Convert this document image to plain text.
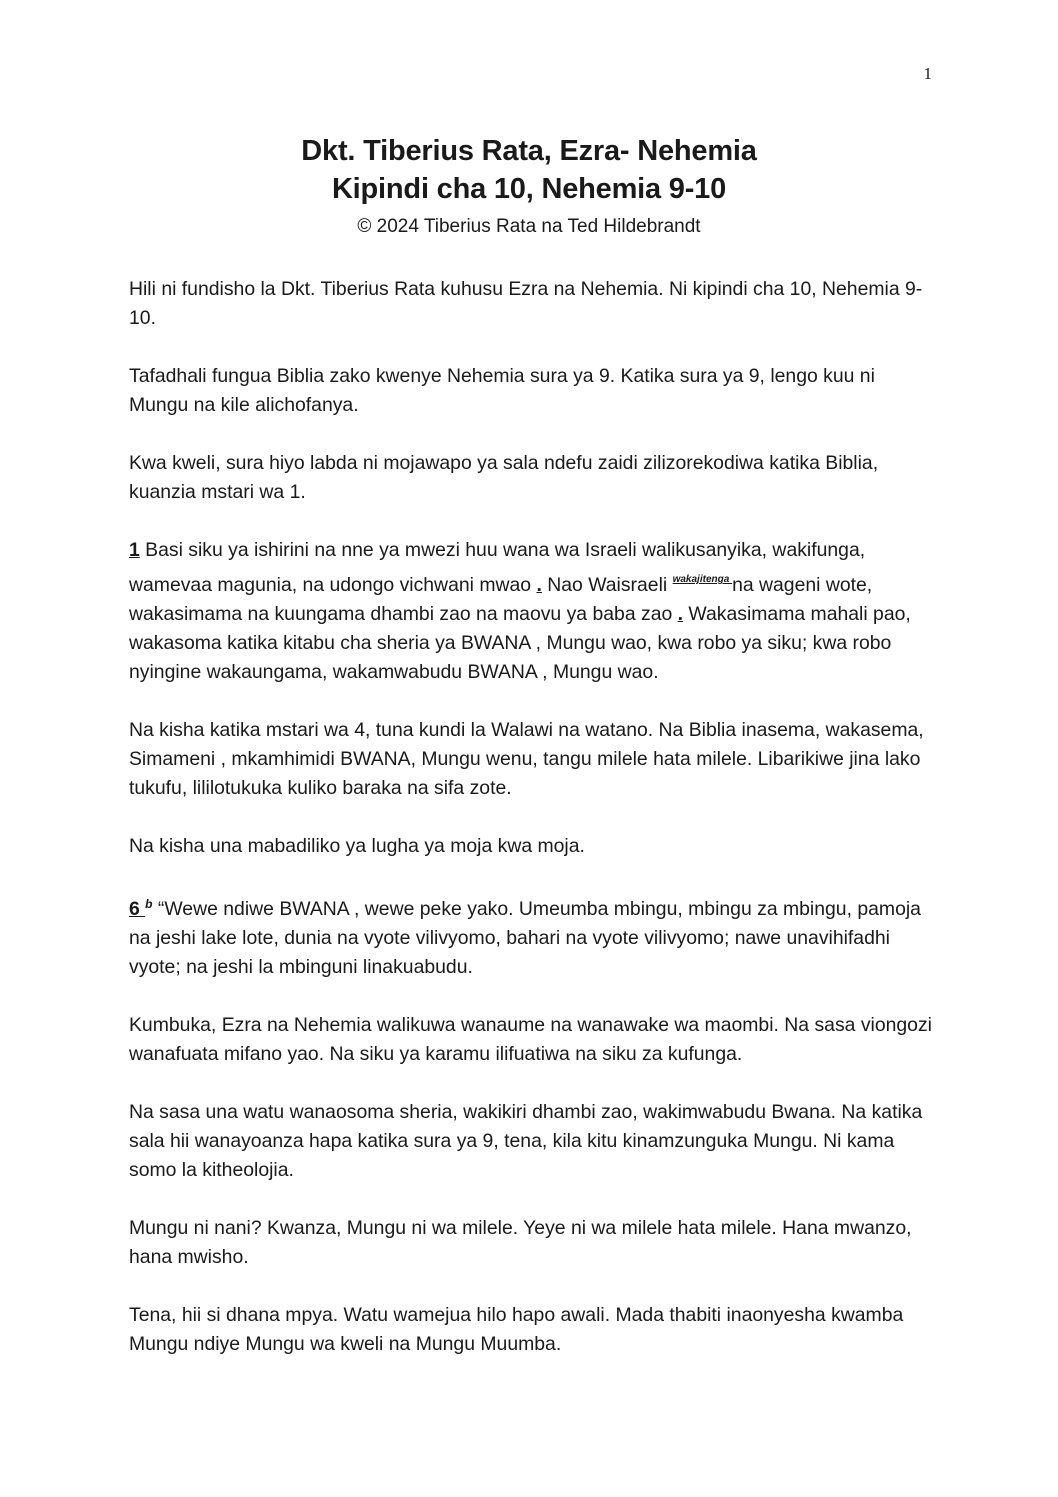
1
Dkt. Tiberius Rata, Ezra- Nehemia
Kipindi cha 10, Nehemia 9-10
© 2024 Tiberius Rata na Ted Hildebrandt

Hili ni fundisho la Dkt. Tiberius Rata kuhusu Ezra na Nehemia. Ni kipindi cha 10, Nehemia 9-10.

Tafadhali fungua Biblia zako kwenye Nehemia sura ya 9. Katika sura ya 9, lengo kuu ni Mungu na kile alichofanya.

Kwa kweli, sura hiyo labda ni mojawapo ya sala ndefu zaidi zilizorekodiwa katika Biblia, kuanzia mstari wa 1.

1 Basi siku ya ishirini na nne ya mwezi huu wana wa Israeli walikusanyika, wakifunga, wamevaa magunia, na udongo vichwani mwao . Nao Waisraeli $^{wakajitenga}$ na wageni wote, wakasimama na kuungama dhambi zao na maovu ya baba zao . Wakasimama mahali pao, wakasoma katika kitabu cha sheria ya BWANA , Mungu wao, kwa robo ya siku; kwa robo nyingine wakaungama, wakamwabudu BWANA , Mungu wao.

Na kisha katika mstari wa 4, tuna kundi la Walawi na watano. Na Biblia inasema, wakasema, Simameni , mkamhimidi BWANA, Mungu wenu, tangu milele hata milele. Libarikiwe jina lako tukufu, lililotukuka kuliko baraka na sifa zote.

Na kisha una mabadiliko ya lugha ya moja kwa moja.

6 $^b$ “Wewe ndiwe BWANA , wewe peke yako. Umeumba mbingu, mbingu za mbingu, pamoja na jeshi lake lote, dunia na vyote vilivyomo, bahari na vyote vilivyomo; nawe unavihifadhi vyote; na jeshi la mbinguni linakuabudu.

Kumbuka, Ezra na Nehemia walikuwa wanaume na wanawake wa maombi. Na sasa viongozi wanafuata mifano yao. Na siku ya karamu ilifuatiwa na siku za kufunga.

Na sasa una watu wanaosoma sheria, wakikiri dhambi zao, wakimwabudu Bwana. Na katika sala hii wanayoanza hapa katika sura ya 9, tena, kila kitu kinamzunguka Mungu. Ni kama somo la kitheolojia.

Mungu ni nani? Kwanza, Mungu ni wa milele. Yeye ni wa milele hata milele. Hana mwanzo, hana mwisho.

Tena, hii si dhana mpya. Watu wamejua hilo hapo awali. Mada thabiti inaonyesha kwamba Mungu ndiye Mungu wa kweli na Mungu Muumba.
